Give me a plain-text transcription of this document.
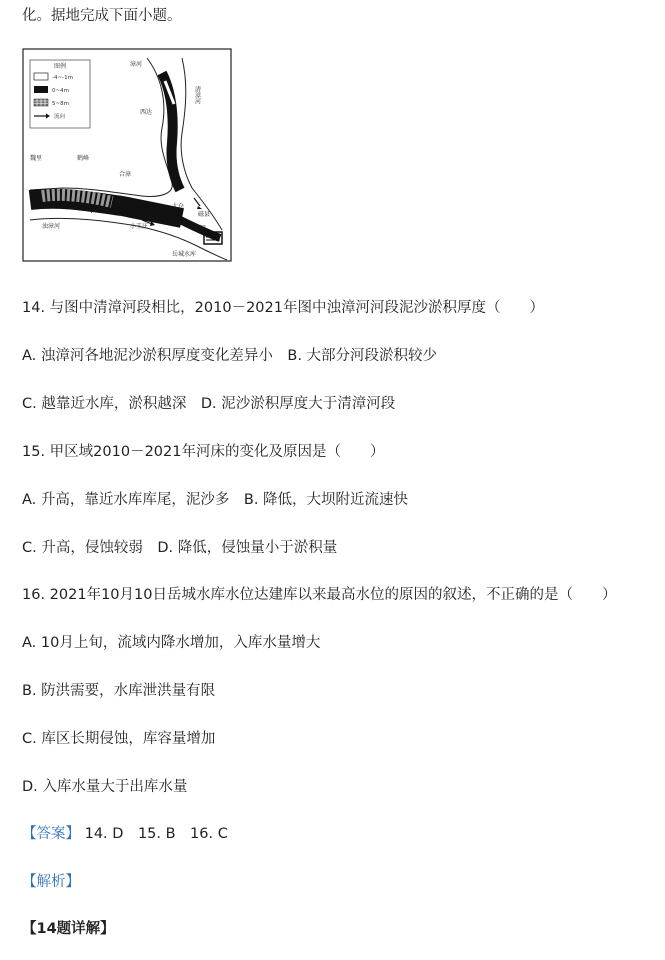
化。据地完成下面小题。
图例
-4~-1m
0~4m
5~8m
流向
漳河
西达
清漳河
魏里	鹤峰
合漳
浊漳河
太仓
小王庄
磁县
甲
岳城水库
14. 与图中清漳河段相比，2010－2021年图中浊漳河河段泥沙淤积厚度（　　）
A. 浊漳河各地泥沙淤积厚度变化差异小　B. 大部分河段淤积较少
C. 越靠近水库，淤积越深　D. 泥沙淤积厚度大于清漳河段
15. 甲区域2010－2021年河床的变化及原因是（　　）
A. 升高，靠近水库库尾，泥沙多　B. 降低，大坝附近流速快
C. 升高，侵蚀较弱　D. 降低，侵蚀量小于淤积量
16. 2021年10月10日岳城水库水位达建库以来最高水位的原因的叙述，不正确的是（　　）
A. 10月上旬，流域内降水增加，入库水量增大
B. 防洪需要，水库泄洪量有限
C. 库区长期侵蚀，库容量增加
D. 入库水量大于出库水量
【答案】 14. D　15. B　16. C
【解析】
【14题详解】
